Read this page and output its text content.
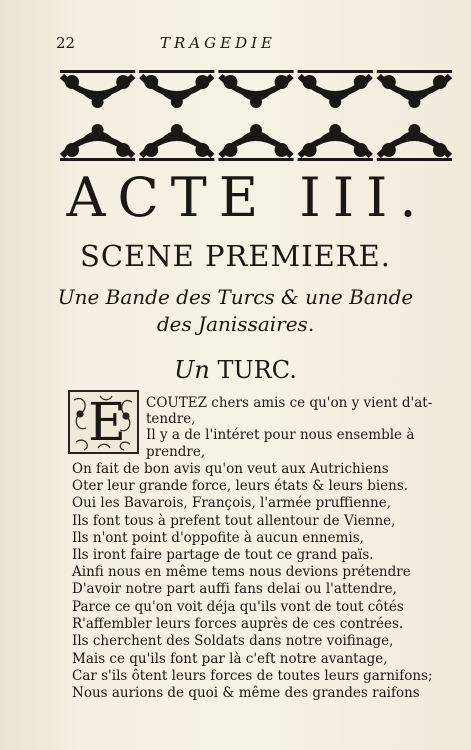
22	TRAGEDIE
ACTE III.
SCENE PREMIERE.
Une Bande des Turcs & une Bande
des Janissaires.
Un TURC.
E COUTEZ chers amis ce qu'on y vient d'at-
tendre,
Il y a de l'intéret pour nous ensemble à
prendre,
On fait de bon avis qu'on veut aux Autrichiens
Oter leur grande force, leurs états & leurs biens.
Oui les Bavarois, François, l'armée pruffienne,
Ils font tous à prefent tout allentour de Vienne,
Ils n'ont point d'oppofite à aucun ennemis,
Ils iront faire partage de tout ce grand païs.
Ainfi nous en même tems nous devions prétendre
D'avoir notre part auffi fans delai ou l'attendre,
Parce ce qu'on voit déja qu'ils vont de tout côtés
R'affembler leurs forces auprès de ces contrées.
Ils cherchent des Soldats dans notre voifinage,
Mais ce qu'ils font par là c'eft notre avantage,
Car s'ils ôtent leurs forces de toutes leurs garnifons;
Nous aurions de quoi & même des grandes raifons
